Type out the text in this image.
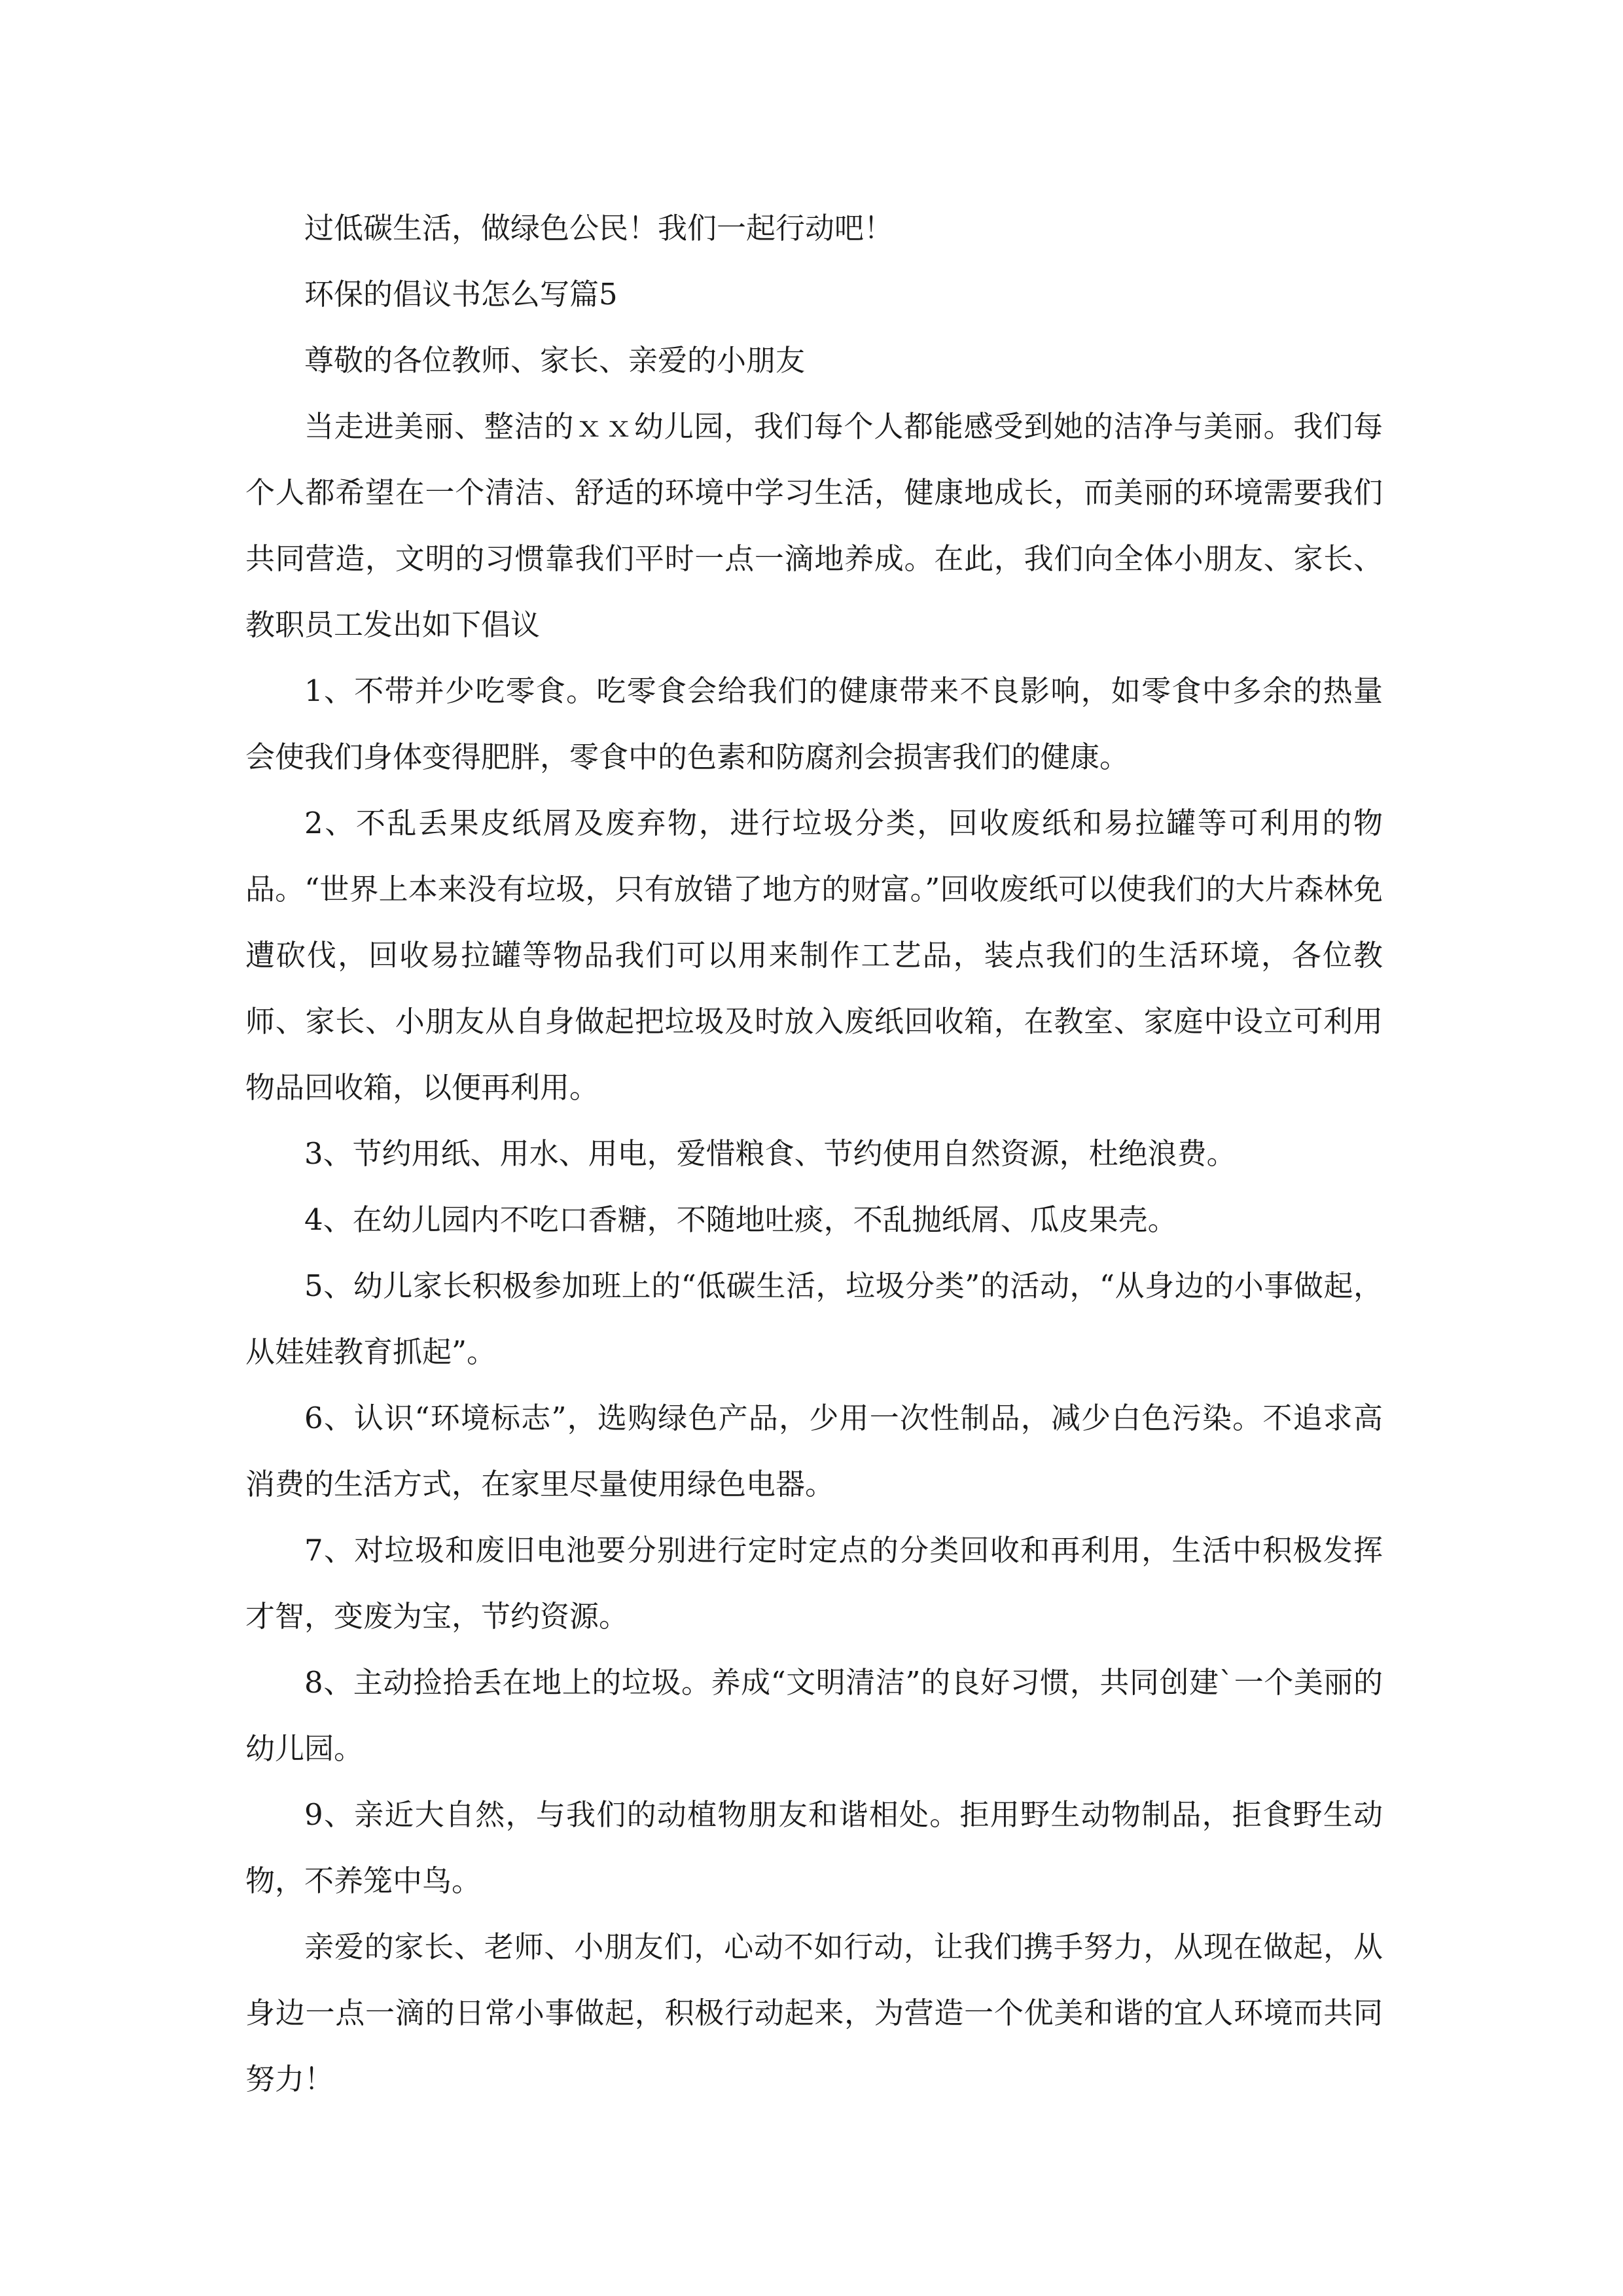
过低碳生活，做绿色公民！我们一起行动吧！

环保的倡议书怎么写篇5

尊敬的各位教师、家长、亲爱的小朋友

当走进美丽、整洁的ｘｘ幼儿园，我们每个人都能感受到她的洁净与美丽。我们每个人都希望在一个清洁、舒适的环境中学习生活，健康地成长，而美丽的环境需要我们共同营造，文明的习惯靠我们平时一点一滴地养成。在此，我们向全体小朋友、家长、教职员工发出如下倡议

1、不带并少吃零食。吃零食会给我们的健康带来不良影响，如零食中多余的热量会使我们身体变得肥胖，零食中的色素和防腐剂会损害我们的健康。

2、不乱丢果皮纸屑及废弃物，进行垃圾分类，回收废纸和易拉罐等可利用的物品。“世界上本来没有垃圾，只有放错了地方的财富。”回收废纸可以使我们的大片森林免遭砍伐，回收易拉罐等物品我们可以用来制作工艺品，装点我们的生活环境，各位教师、家长、小朋友从自身做起把垃圾及时放入废纸回收箱，在教室、家庭中设立可利用物品回收箱，以便再利用。

3、节约用纸、用水、用电，爱惜粮食、节约使用自然资源，杜绝浪费。

4、在幼儿园内不吃口香糖，不随地吐痰，不乱抛纸屑、瓜皮果壳。

5、幼儿家长积极参加班上的“低碳生活，垃圾分类”的活动，“从身边的小事做起，从娃娃教育抓起”。

6、认识“环境标志”，选购绿色产品，少用一次性制品，减少白色污染。不追求高消费的生活方式，在家里尽量使用绿色电器。

7、对垃圾和废旧电池要分别进行定时定点的分类回收和再利用，生活中积极发挥才智，变废为宝，节约资源。

8、主动捡拾丢在地上的垃圾。养成“文明清洁”的良好习惯，共同创建`一个美丽的幼儿园。

9、亲近大自然，与我们的动植物朋友和谐相处。拒用野生动物制品，拒食野生动物，不养笼中鸟。

亲爱的家长、老师、小朋友们，心动不如行动，让我们携手努力，从现在做起，从身边一点一滴的日常小事做起，积极行动起来，为营造一个优美和谐的宜人环境而共同努力！
